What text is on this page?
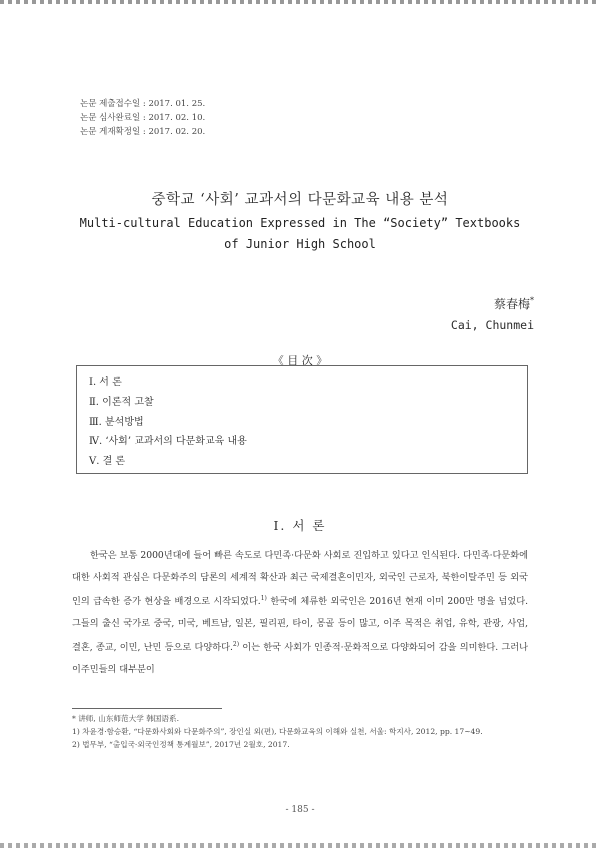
논문 제출접수일 : 2017. 01. 25.
논문 심사완료일 : 2017. 02. 10.
논문 게재확정일 : 2017. 02. 20.
중학교 ‘사회’ 교과서의 다문화교육 내용 분석
Multi-cultural Education Expressed in The “Society” Textbooks of Junior High School
蔡春梅*
Cai, Chunmei
《 目 次 》
Ⅰ. 서 론
Ⅱ. 이론적 고찰
Ⅲ. 분석방법
Ⅳ. ‘사회’ 교과서의 다문화교육 내용
Ⅴ. 결 론
Ⅰ. 서 론

한국은 보통 2000년대에 들어 빠른 속도로 다민족·다문화 사회로 진입하고 있다고 인식된다. 다민족·다문화에 대한 사회적 관심은 다문화주의 담론의 세계적 확산과 최근 국제결혼이민자, 외국인 근로자, 북한이탈주민 등 외국인의 급속한 증가 현상을 배경으로 시작되었다.$^{1)}$ 한국에 체류한 외국인은 2016년 현재 이미 200만 명을 넘었다. 그들의 출신 국가로 중국, 미국, 베트남, 일본, 필리핀, 타이, 몽골 등이 많고, 이주 목적은 취업, 유학, 관광, 사업, 결혼, 종교, 이민, 난민 등으로 다양하다.$^{2)}$ 이는 한국 사회가 인종적·문화적으로 다양화되어 감을 의미한다. 그러나 이주민들의 대부분이

* 讲师, 山东师范大学 韩国语系.
1) 차윤경·함승환, “다문화사회와 다문화주의”, 장인실 외(편), 다문화교육의 이해와 실천, 서울: 학지사, 2012, pp. 17~49.
2) 법무부, “출입국·외국인정책 통계월보”, 2017년 2월호, 2017.
- 185 -
